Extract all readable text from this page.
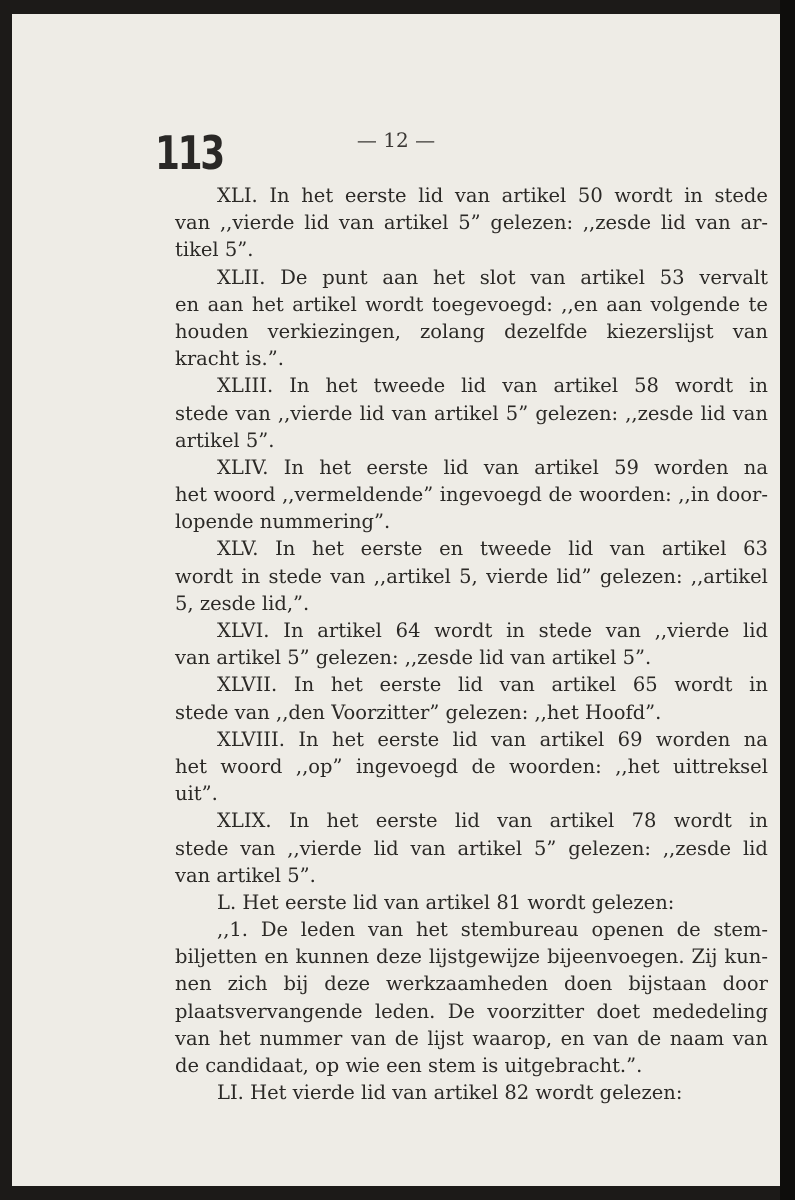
113	— 12 —
XLI. In het eerste lid van artikel 50 wordt in stede
van ,,vierde lid van artikel 5” gelezen: ,,zesde lid van ar-
tikel 5”.
XLII. De punt aan het slot van artikel 53 vervalt
en aan het artikel wordt toegevoegd: ,,en aan volgende te
houden verkiezingen, zolang dezelfde kiezerslijst van
kracht is.”.
XLIII. In het tweede lid van artikel 58 wordt in
stede van ,,vierde lid van artikel 5” gelezen: ,,zesde lid van
artikel 5”.
XLIV. In het eerste lid van artikel 59 worden na
het woord ,,vermeldende” ingevoegd de woorden: ,,in door-
lopende nummering”.
XLV. In het eerste en tweede lid van artikel 63
wordt in stede van ,,artikel 5, vierde lid” gelezen: ,,artikel
5, zesde lid,”.
XLVI. In artikel 64 wordt in stede van ,,vierde lid
van artikel 5” gelezen: ,,zesde lid van artikel 5”.
XLVII. In het eerste lid van artikel 65 wordt in
stede van ,,den Voorzitter” gelezen: ,,het Hoofd”.
XLVIII. In het eerste lid van artikel 69 worden na
het woord ,,op” ingevoegd de woorden: ,,het uittreksel
uit”.
XLIX. In het eerste lid van artikel 78 wordt in
stede van ,,vierde lid van artikel 5” gelezen: ,,zesde lid
van artikel 5”.
L. Het eerste lid van artikel 81 wordt gelezen:
,,1. De leden van het stembureau openen de stem-
biljetten en kunnen deze lijstgewijze bijeenvoegen. Zij kun-
nen zich bij deze werkzaamheden doen bijstaan door
plaatsvervangende leden. De voorzitter doet mededeling
van het nummer van de lijst waarop, en van de naam van
de candidaat, op wie een stem is uitgebracht.”.
LI. Het vierde lid van artikel 82 wordt gelezen:
